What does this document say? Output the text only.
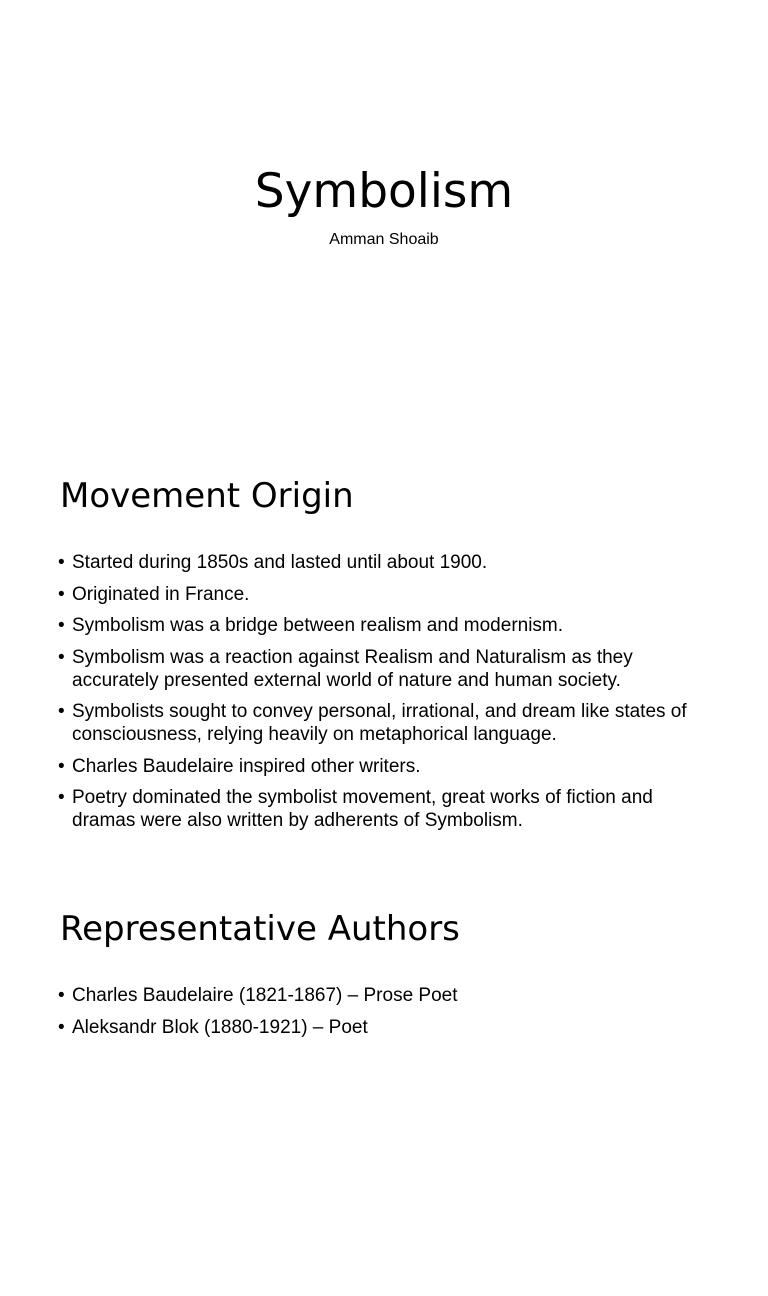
Symbolism

Amman Shoaib

Movement Origin
• Started during 1850s and lasted until about 1900.
• Originated in France.
• Symbolism was a bridge between realism and modernism.
• Symbolism was a reaction against Realism and Naturalism as they accurately presented external world of nature and human society.
• Symbolists sought to convey personal, irrational, and dream like states of consciousness, relying heavily on metaphorical language.
• Charles Baudelaire inspired other writers.
• Poetry dominated the symbolist movement, great works of fiction and dramas were also written by adherents of Symbolism.
Representative Authors
• Charles Baudelaire (1821-1867) – Prose Poet
• Aleksandr Blok (1880-1921) – Poet
